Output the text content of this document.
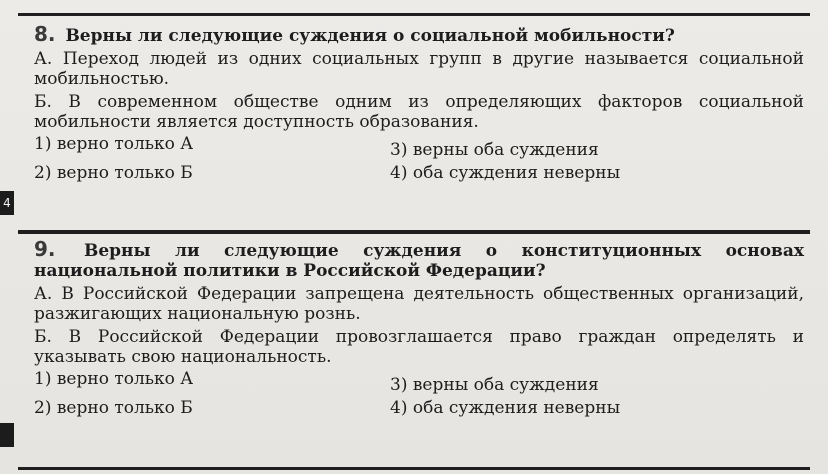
8. Верны ли следующие суждения о социальной мобильности?
А. Переход людей из одних социальных групп в другие называется социальной мобильностью.
Б. В современном обществе одним из определяющих факторов социальной мобильности является доступность образования.
1) верно только А	3) верны оба суждения
2) верно только Б	4) оба суждения неверны
4
9. Верны ли следующие суждения о конституционных основах национальной политики в Российской Федерации?
А. В Российской Федерации запрещена деятельность общественных организаций, разжигающих национальную рознь.
Б. В Российской Федерации провозглашается право граждан определять и указывать свою национальность.
1) верно только А	3) верны оба суждения
2) верно только Б	4) оба суждения неверны
